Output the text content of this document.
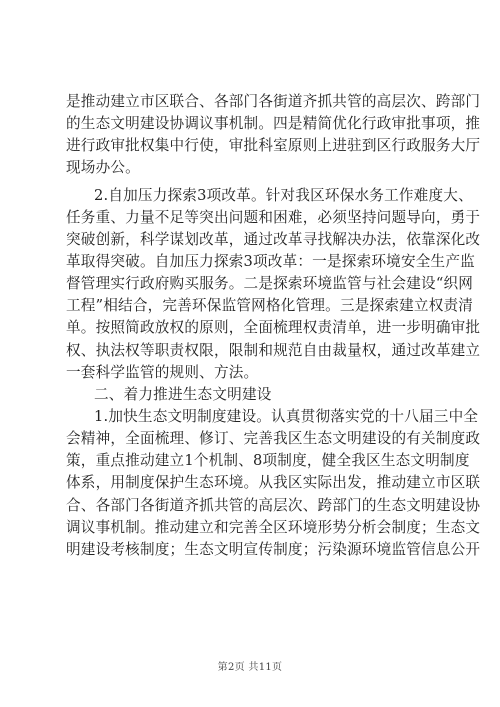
是推动建立市区联合、各部门各街道齐抓共管的高层次、跨部门
的生态文明建设协调议事机制。四是精简优化行政审批事项，推
进行政审批权集中行使，审批科室原则上进驻到区行政服务大厅
现场办公。
2.自加压力探索3项改革。针对我区环保水务工作难度大、
任务重、力量不足等突出问题和困难，必须坚持问题导向，勇于
突破创新，科学谋划改革，通过改革寻找解决办法，依靠深化改
革取得突破。自加压力探索3项改革：一是探索环境安全生产监
督管理实行政府购买服务。二是探索环境监管与社会建设“织网
工程”相结合，完善环保监管网格化管理。三是探索建立权责清
单。按照简政放权的原则，全面梳理权责清单，进一步明确审批
权、执法权等职责权限，限制和规范自由裁量权，通过改革建立
一套科学监管的规则、方法。
二、着力推进生态文明建设
1.加快生态文明制度建设。认真贯彻落实党的十八届三中全
会精神，全面梳理、修订、完善我区生态文明建设的有关制度政
策，重点推动建立1个机制、8项制度，健全我区生态文明制度
体系，用制度保护生态环境。从我区实际出发，推动建立市区联
合、各部门各街道齐抓共管的高层次、跨部门的生态文明建设协
调议事机制。推动建立和完善全区环境形势分析会制度；生态文
明建设考核制度；生态文明宣传制度；污染源环境监管信息公开
第2页 共11页
